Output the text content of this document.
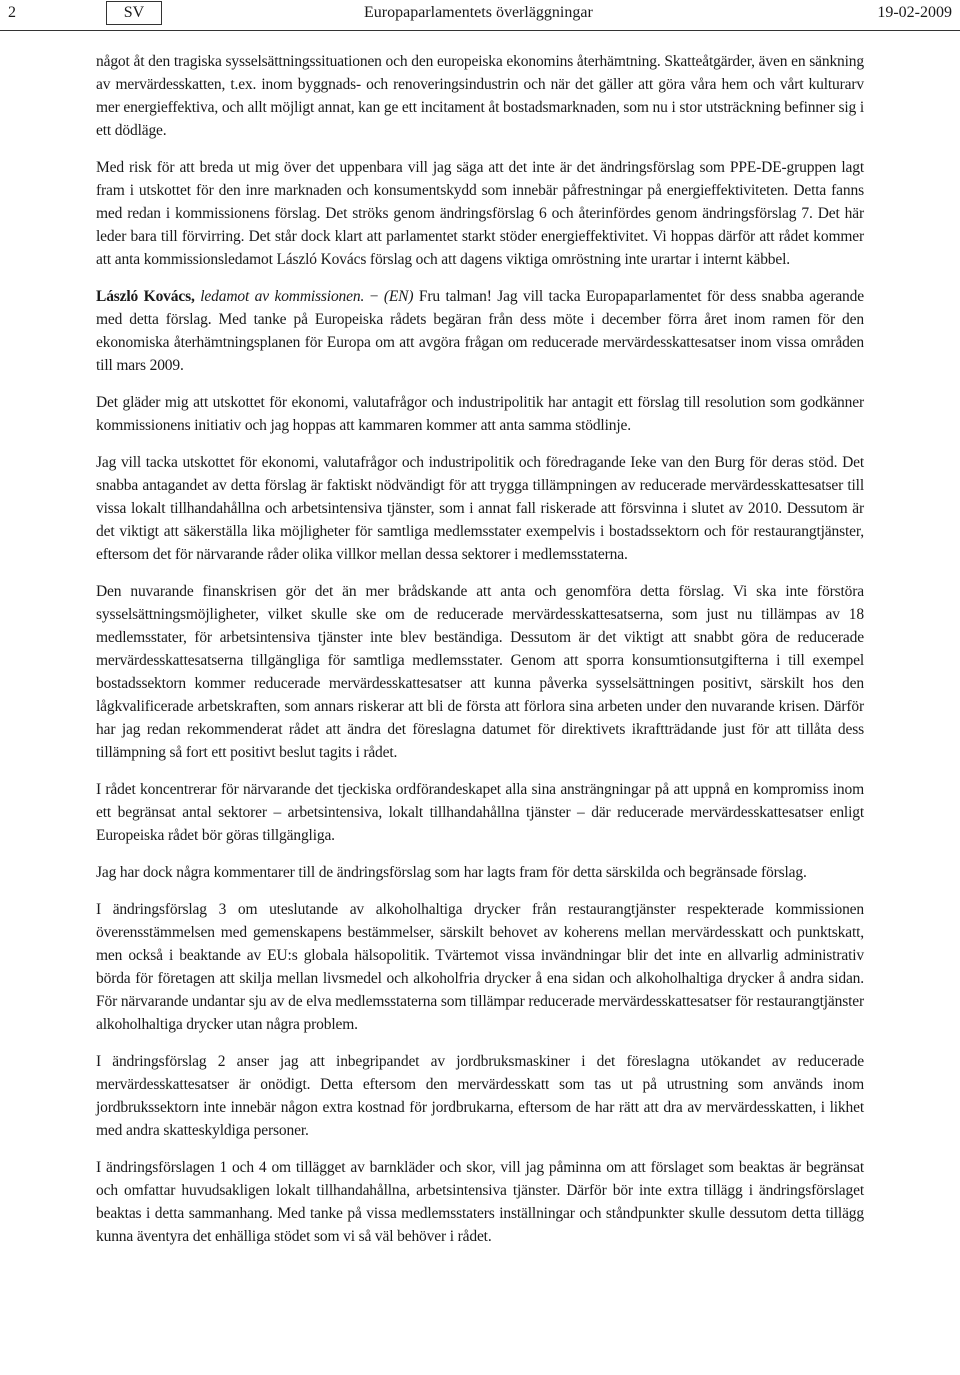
2	SV	Europaparlamentets överläggningar	19-02-2009

något åt den tragiska sysselsättningssituationen och den europeiska ekonomins återhämtning. Skatteåtgärder, även en sänkning av mervärdesskatten, t.ex. inom byggnads- och renoveringsindustrin och när det gäller att göra våra hem och vårt kulturarv mer energieffektiva, och allt möjligt annat, kan ge ett incitament åt bostadsmarknaden, som nu i stor utsträckning befinner sig i ett dödläge.

Med risk för att breda ut mig över det uppenbara vill jag säga att det inte är det ändringsförslag som PPE-DE-gruppen lagt fram i utskottet för den inre marknaden och konsumentskydd som innebär påfrestningar på energieffektiviteten. Detta fanns med redan i kommissionens förslag. Det ströks genom ändringsförslag 6 och återinfördes genom ändringsförslag 7. Det här leder bara till förvirring. Det står dock klart att parlamentet starkt stöder energieffektivitet. Vi hoppas därför att rådet kommer att anta kommissionsledamot László Kovács förslag och att dagens viktiga omröstning inte urartar i internt käbbel.

László Kovács, ledamot av kommissionen. − (EN) Fru talman! Jag vill tacka Europaparlamentet för dess snabba agerande med detta förslag. Med tanke på Europeiska rådets begäran från dess möte i december förra året inom ramen för den ekonomiska återhämtningsplanen för Europa om att avgöra frågan om reducerade mervärdesskattesatser inom vissa områden till mars 2009.

Det gläder mig att utskottet för ekonomi, valutafrågor och industripolitik har antagit ett förslag till resolution som godkänner kommissionens initiativ och jag hoppas att kammaren kommer att anta samma stödlinje.

Jag vill tacka utskottet för ekonomi, valutafrågor och industripolitik och föredragande Ieke van den Burg för deras stöd. Det snabba antagandet av detta förslag är faktiskt nödvändigt för att trygga tillämpningen av reducerade mervärdesskattesatser till vissa lokalt tillhandahållna och arbetsintensiva tjänster, som i annat fall riskerade att försvinna i slutet av 2010. Dessutom är det viktigt att säkerställa lika möjligheter för samtliga medlemsstater exempelvis i bostadssektorn och för restaurangtjänster, eftersom det för närvarande råder olika villkor mellan dessa sektorer i medlemsstaterna.

Den nuvarande finanskrisen gör det än mer brådskande att anta och genomföra detta förslag. Vi ska inte förstöra sysselsättningsmöjligheter, vilket skulle ske om de reducerade mervärdesskattesatserna, som just nu tillämpas av 18 medlemsstater, för arbetsintensiva tjänster inte blev beständiga. Dessutom är det viktigt att snabbt göra de reducerade mervärdesskattesatserna tillgängliga för samtliga medlemsstater. Genom att sporra konsumtionsutgifterna i till exempel bostadssektorn kommer reducerade mervärdesskattesatser att kunna påverka sysselsättningen positivt, särskilt hos den lågkvalificerade arbetskraften, som annars riskerar att bli de första att förlora sina arbeten under den nuvarande krisen. Därför har jag redan rekommenderat rådet att ändra det föreslagna datumet för direktivets ikraftträdande just för att tillåta dess tillämpning så fort ett positivt beslut tagits i rådet.

I rådet koncentrerar för närvarande det tjeckiska ordförandeskapet alla sina ansträngningar på att uppnå en kompromiss inom ett begränsat antal sektorer – arbetsintensiva, lokalt tillhandahållna tjänster – där reducerade mervärdesskattesatser enligt Europeiska rådet bör göras tillgängliga.

Jag har dock några kommentarer till de ändringsförslag som har lagts fram för detta särskilda och begränsade förslag.

I ändringsförslag 3 om uteslutande av alkoholhaltiga drycker från restaurangtjänster respekterade kommissionen överensstämmelsen med gemenskapens bestämmelser, särskilt behovet av koherens mellan mervärdesskatt och punktskatt, men också i beaktande av EU:s globala hälsopolitik. Tvärtemot vissa invändningar blir det inte en allvarlig administrativ börda för företagen att skilja mellan livsmedel och alkoholfria drycker å ena sidan och alkoholhaltiga drycker å andra sidan. För närvarande undantar sju av de elva medlemsstaterna som tillämpar reducerade mervärdesskattesatser för restaurangtjänster alkoholhaltiga drycker utan några problem.

I ändringsförslag 2 anser jag att inbegripandet av jordbruksmaskiner i det föreslagna utökandet av reducerade mervärdesskattesatser är onödigt. Detta eftersom den mervärdesskatt som tas ut på utrustning som används inom jordbrukssektorn inte innebär någon extra kostnad för jordbrukarna, eftersom de har rätt att dra av mervärdesskatten, i likhet med andra skatteskyldiga personer.

I ändringsförslagen 1 och 4 om tillägget av barnkläder och skor, vill jag påminna om att förslaget som beaktas är begränsat och omfattar huvudsakligen lokalt tillhandahållna, arbetsintensiva tjänster. Därför bör inte extra tillägg i ändringsförslaget beaktas i detta sammanhang. Med tanke på vissa medlemsstaters inställningar och ståndpunkter skulle dessutom detta tillägg kunna äventyra det enhälliga stödet som vi så väl behöver i rådet.
